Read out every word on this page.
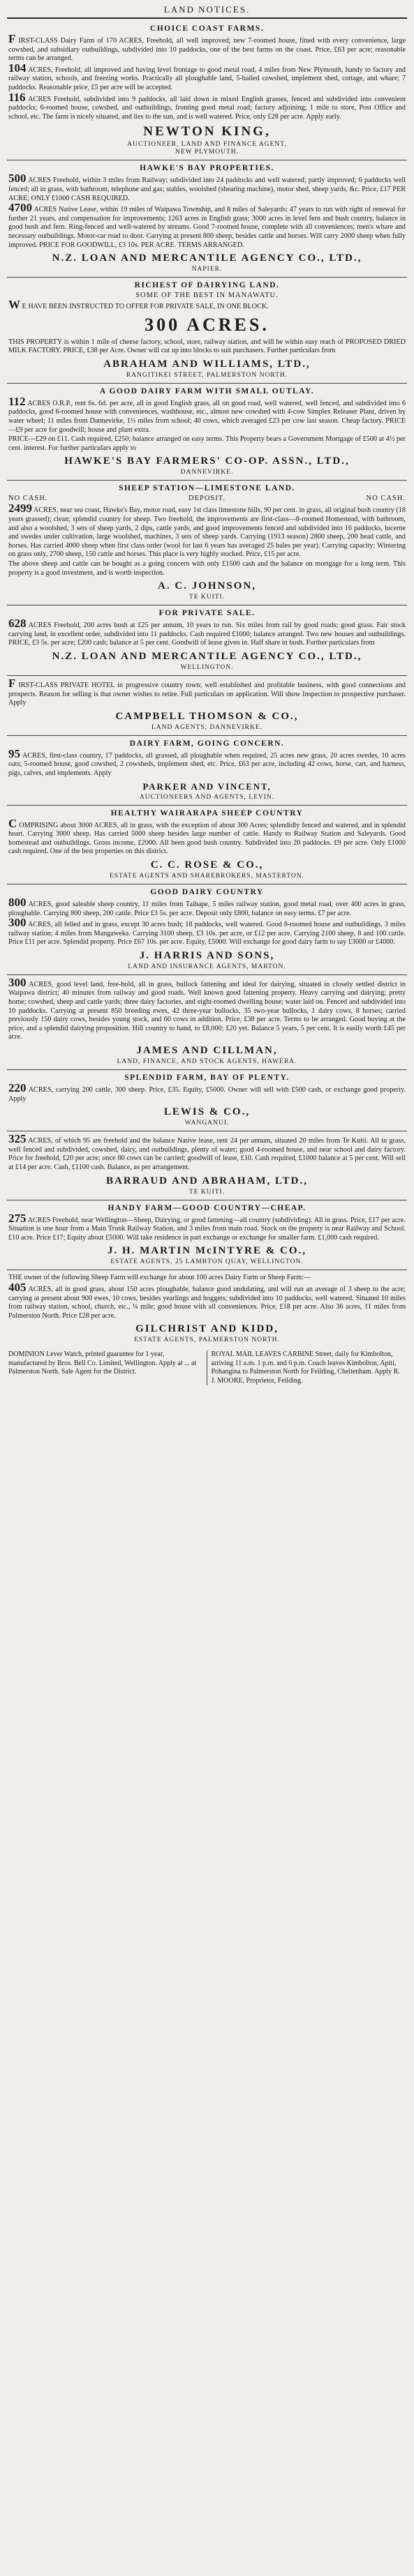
LAND NOTICES.
CHOICE COAST FARMS.
F IRST-CLASS Dairy Farm of 170 ACRES, Freehold, all well improved; new 7-roomed house, fitted with every convenience, large cowshed, and subsidiary outbuildings, subdivided into 10 paddocks, one of the best farms on the coast. Price, £63 per acre; reasonable terms can be arranged.
104 ACRES, Freehold, all improved and having level frontage to good metal road, 4 miles from New Plymouth, handy to factory and railway station, schools, and freezing works. Practically all ploughable land, 5-bailed cowshed, implement shed, cottage, and whare; 7 paddocks. Reasonable price, £5 per acre will be accepted.
116 ACRES Freehold, subdivided into 9 paddocks, all laid down in mixed English grasses, fenced and subdivided into convenient paddocks; 6-roomed house, cowshed, and outbuildings, fronting good metal road; factory adjoining; 1 mile to store, Post Office and school, etc. The farm is nicely situated, and lies to the sun, and is well watered. Price, only £28 per acre. Apply early.
NEWTON KING,
AUCTIONEER, LAND AND FINANCE AGENT,
NEW PLYMOUTH.
HAWKE'S BAY PROPERTIES.
500 ACRES Freehold, within 3 miles from Railway; subdivided into 24 paddocks and well watered; partly improved; 6 paddocks well fenced; all in grass, with bathroom, telephone and gas; stables, woolshed (shearing machine), motor shed, sheep yards, &c. Price, £17 PER ACRE; ONLY £1000 CASH REQUIRED.
4700 ACRES Native Lease, within 19 miles of Waipawa Township, and 8 miles of Saleyards; 47 years to run with right of renewal for further 21 years, and compensation for improvements; 1263 acres in English grass; 3000 acres in level fern and bush country, balance in good bush and fern. Ring-fenced and well-watered by streams. Good 7-roomed house, complete with all conveniences; men's whare and necessary outbuildings. Motor-car road to door. Carrying at present 800 sheep, besides cattle and horses. Will carry 2000 sheep when fully improved. PRICE FOR GOODWILL, £3 10s. PER ACRE. TERMS ARRANGED.
N.Z. LOAN AND MERCANTILE AGENCY CO., LTD.,
NAPIER.
RICHEST OF DAIRYING LAND.
SOME OF THE BEST IN MANAWATU.
W E HAVE BEEN INSTRUCTED TO OFFER FOR PRIVATE SALE, IN ONE BLOCK.
300 ACRES.
THIS PROPERTY is within 1 mile of cheese factory, school, store, railway station, and will be within easy reach of PROPOSED DRIED MILK FACTORY. PRICE, £38 per Acre. Owner will cut up into blocks to suit purchasers. Further particulars from
ABRAHAM AND WILLIAMS, LTD.,
RANGITIKEI STREET, PALMERSTON NORTH.
A GOOD DAIRY FARM WITH SMALL OUTLAY.
112 ACRES O.R.P., rent 6s. 6d. per acre, all in good English grass, all on good road, well watered, well fenced, and subdivided into 6 paddocks, good 6-roomed house with conveniences, washhouse, etc., almost new cowshed with 4-cow Simplex Releaser Plant, driven by water wheel; 11 miles from Dannevirke, 1½ miles from school; 40 cows, which averaged £23 per cow last season. Cheap factory. PRICE—£9 per acre for goodwill; house and plant extra.
PRICE—£29 on £11. Cash required, £250; balance arranged on easy terms. This Property bears a Government Mortgage of £500 at 4½ per cent. interest. For further particulars apply to
HAWKE'S BAY FARMERS' CO-OP. ASSN., LTD.,
DANNEVIRKE.
SHEEP STATION—LIMESTONE LAND.
NO CASH.	DEPOSIT.	NO CASH.
2499 ACRES, near sea coast, Hawke's Bay, motor road, easy 1st class limestone hills, 90 per cent. in grass, all original bush country (18 years grassed); clean; splendid country for sheep. Two freehold, the improvements are first-class—8-roomed Homestead, with bathroom, and also a woolshed, 3 sets of sheep yards, 2 dips, cattle yards, and good improvements fenced and subdivided into 16 paddocks, lucerne and swedes under cultivation, large woolshed, machines, 3 sets of sheep yards. Carrying (1913 season) 2800 sheep, 200 head cattle, and horses. Has carried 4000 sheep when first class order (wool for last 6 years has averaged 25 bales per year). Carrying capacity: Wintering on grass only, 2700 sheep, 150 cattle and horses. This place is very highly stocked. Price, £15 per acre.
The above sheep and cattle can be bought as a going concern with only £1500 cash and the balance on mortgage for a long term. This property is a good investment, and is worth inspection.
A. C. JOHNSON,
TE KUITI.
FOR PRIVATE SALE.
628 ACRES Freehold, 200 acres bush at £25 per annum, 10 years to run. Six miles from rail by good roads; good grass. Fair stock carrying land, in excellent order, subdivided into 11 paddocks. Cash required £1000; balance arranged. Two new houses and outbuildings. PRICE, £3 5s. per acre; £200 cash; balance at 5 per cent. Goodwill of lease given in. Half share in bush. Further particulars from
N.Z. LOAN AND MERCANTILE AGENCY CO., LTD.,
WELLINGTON.
F IRST-CLASS PRIVATE HOTEL in progressive country town; well established and profitable business, with good connections and prospects. Reason for selling is that owner wishes to retire. Full particulars on application. Will show Inspection to prospective purchaser. Apply
CAMPBELL THOMSON & CO.,
LAND AGENTS, DANNEVIRKE.
DAIRY FARM, GOING CONCERN.
95 ACRES, first-class country, 17 paddocks, all grassed, all ploughable when required, 25 acres new grass, 20 acres swedes, 10 acres oats; 5-roomed house, good cowshed, 2 cowsheds, implement shed, etc. Price, £63 per acre, including 42 cows, horse, cart, and harness, pigs, calves, and implements. Apply
PARKER AND VINCENT,
AUCTIONEERS AND AGENTS, LEVIN.
HEALTHY WAIRARAPA SHEEP COUNTRY
C OMPRISING about 3000 ACRES, all in grass, with the exception of about 300 Acres; splendidly fenced and watered, and in splendid heart. Carrying 3000 sheep. Has carried 5000 sheep besides large number of cattle. Handy to Railway Station and Saleyards. Good homestead and outbuildings. Gross income, £2000. All been good bush country. Subdivided into 20 paddocks. £9 per acre. Only £1000 cash required. One of the best properties on this district.
C. C. ROSE & CO.,
ESTATE AGENTS AND SHAREBROKERS, MASTERTON.
GOOD DAIRY COUNTRY
800 ACRES, good saleable sheep country, 11 miles from Taihape, 5 miles railway station, good metal road, over 400 acres in grass, ploughable. Carrying 800 sheep, 200 cattle. Price £3 5s. per acre. Deposit only £800, balance on easy terms. £7 per acre.
300 ACRES, all felled and in grass, except 30 acres bush; 18 paddocks, well watered. Good 8-roomed house and outbuildings. 3 miles railway station; 4 miles from Mangaweka. Carrying 3100 sheep, £3 10s. per acre, or £12 per acre. Carrying 2100 sheep, 8 and 100 cattle. Price £11 per acre. Splendid property. Price £67 10s. per acre. Equity, £5000. Will exchange for good dairy farm to say £3000 or £4000.
J. HARRIS AND SONS,
LAND AND INSURANCE AGENTS, MARTON.
300 ACRES, good level land, free-hold, all in grass, bullock fattening and ideal for dairying, situated in closely settled district in Waipawa district; 40 minutes from railway and good roads. Well known good fattening property. Heavy carrying and dairying; pretty home; cowshed, sheep and cattle yards; three dairy factories, and eight-roomed dwelling house; water laid on. Fenced and subdivided into 10 paddocks. Carrying at present 850 breeding ewes, 42 three-year bullocks, 35 two-year bullocks, 1 dairy cows, 8 horses; carried previously 150 dairy cows, besides young stock, and 60 cows in addition. Price, £38 per acre. Terms to be arranged. Good buying at the price, and a splendid dairying proposition. Hill country to hand, to £8,000; £20 yet. Balance 5 years, 5 per cent. It is easily worth £45 per acre.
JAMES AND CILLMAN,
LAND, FINANCE, AND STOCK AGENTS, HAWERA.
SPLENDID FARM, BAY OF PLENTY.
220 ACRES, carrying 200 cattle, 300 sheep. Price, £35. Equity, £5000. Owner will sell with £500 cash, or exchange good property. Apply
LEWIS & CO.,
WANGANUI.
325 ACRES, of which 95 are freehold and the balance Native lease, rent 24 per annum, situated 20 miles from Te Kuiti. All in grass, well fenced and subdivided, cowshed, dairy, and outbuildings, plenty of water; good 4-roomed house, and near school and dairy factory. Price for freehold, £20 per acre; once 80 cows can be carried; goodwill of lease, £10. Cash required, £1000 balance at 5 per cent. Will sell at £14 per acre. Cash, £1100 cash. Balance, as per arrangement.
BARRAUD AND ABRAHAM, LTD.,
TE KUITI.
HANDY FARM—GOOD COUNTRY—CHEAP.
275 ACRES Freehold, near Wellington—Sheep, Dairying, or good fattening—all country (subdividing). All in grass. Price, £17 per acre. Situation is one hour from a Main Trunk Railway Station, and 3 miles from main road. Stock on the property is near Railway and School. £10 acre. Price £17; Equity about £5000. Will take residence in part exchange or exchange for smaller farm. £1,000 cash required.
J. H. MARTIN McINTYRE & CO.,
ESTATE AGENTS, 25 LAMBTON QUAY, WELLINGTON.
THE owner of the following Sheep Farm will exchange for about 100 acres Dairy Farm or Sheep Farm:—
405 ACRES, all in good grass, about 150 acres ploughable, balance good undulating, and will run an average of 3 sheep to the acre; carrying at present about 900 ewes, 10 cows, besides yearlings and hoggets; subdivided into 10 paddocks, well watered. Situated 10 miles from railway station, school, church, etc., ¼ mile; good house with all conveniences. Price, £18 per acre. Also 36 acres, 11 miles from Palmerston North. Price £28 per acre.
GILCHRIST AND KIDD,
ESTATE AGENTS, PALMERSTON NORTH.
DOMINION Lever Watch, printed guarantee for 1 year, manufactured by Bros. Bell Co. Limited, Wellington. Apply at ... at Palmerston North. Sale Agent for the District.
ROYAL MAIL LEAVES CARBINE Street, daily for Kimbolton, arriving 11 a.m. 1 p.m. and 6 p.m. Coach leaves Kimbolton, Apiti, Pohangina to Palmerston North for Feilding, Cheltenham. Apply R. J. MOORE, Proprietor, Feilding.
